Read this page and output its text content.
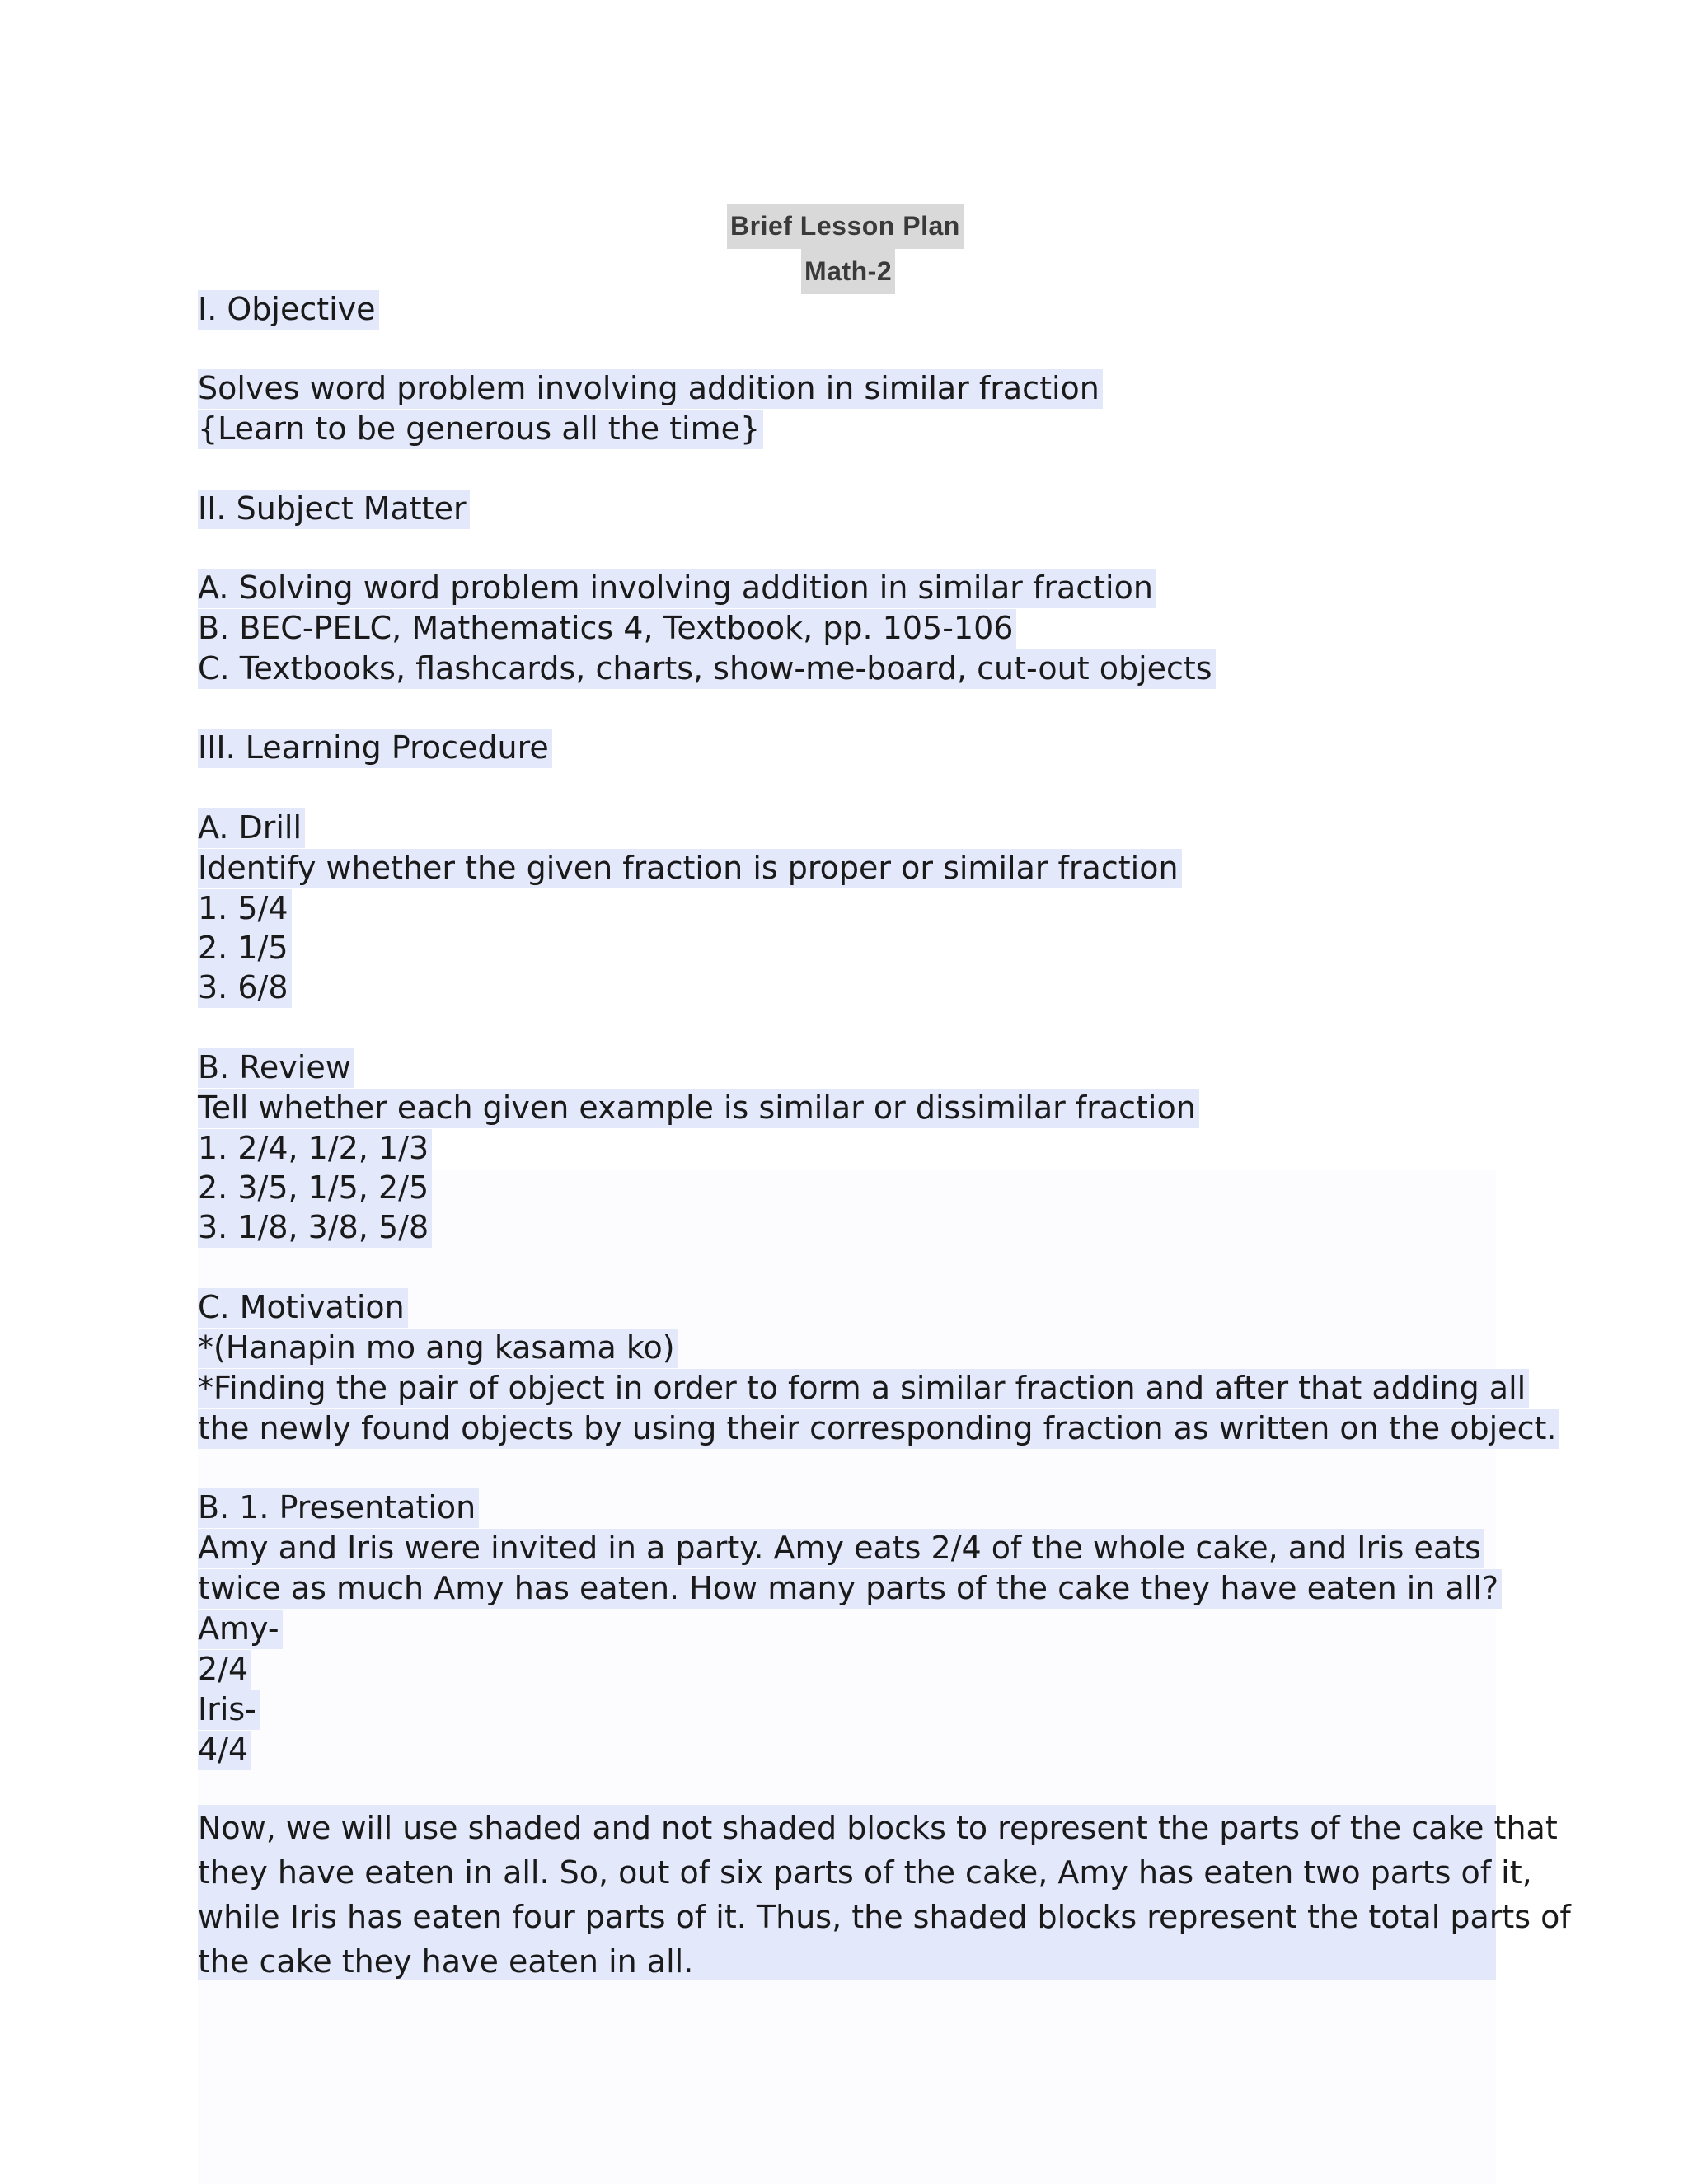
Brief Lesson Plan
Math-2
I. Objective
Solves word problem involving addition in similar fraction
{Learn to be generous all the time}
II. Subject Matter
A. Solving word problem involving addition in similar fraction
B. BEC-PELC, Mathematics 4, Textbook, pp. 105-106
C. Textbooks, flashcards, charts, show-me-board, cut-out objects
III. Learning Procedure
A. Drill
Identify whether the given fraction is proper or similar fraction
1. 5/4
2. 1/5
3. 6/8
B. Review
Tell whether each given example is similar or dissimilar fraction
1. 2/4, 1/2, 1/3
2. 3/5, 1/5, 2/5
3. 1/8, 3/8, 5/8
C. Motivation
*(Hanapin mo ang kasama ko)
*Finding the pair of object in order to form a similar fraction and after that adding all
the newly found objects by using their corresponding fraction as written on the object.
B. 1. Presentation
Amy and Iris were invited in a party. Amy eats 2/4 of the whole cake, and Iris eats
twice as much Amy has eaten. How many parts of the cake they have eaten in all?
Amy-
2/4
Iris-
4/4
Now, we will use shaded and not shaded blocks to represent the parts of the cake that
they have eaten in all. So, out of six parts of the cake, Amy has eaten two parts of it,
while Iris has eaten four parts of it. Thus, the shaded blocks represent the total parts of
the cake they have eaten in all.
